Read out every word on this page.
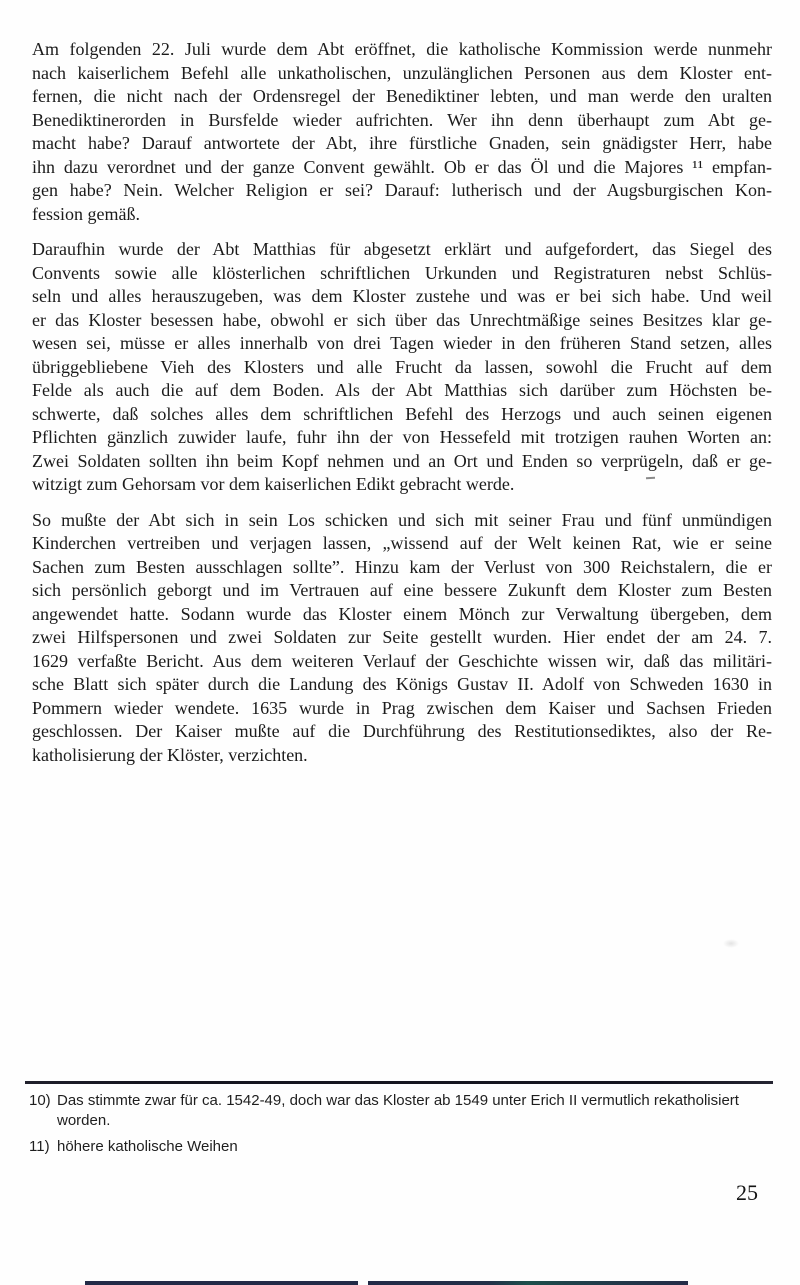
Am folgenden 22. Juli wurde dem Abt eröffnet, die katholische Kommission werde nunmehr
nach kaiserlichem Befehl alle unkatholischen, unzulänglichen Personen aus dem Kloster ent-
fernen, die nicht nach der Ordensregel der Benediktiner lebten, und man werde den uralten
Benediktinerorden in Bursfelde wieder aufrichten. Wer ihn denn überhaupt zum Abt ge-
macht habe? Darauf antwortete der Abt, ihre fürstliche Gnaden, sein gnädigster Herr, habe
ihn dazu verordnet und der ganze Convent gewählt. Ob er das Öl und die Majores ¹¹ empfan-
gen habe? Nein. Welcher Religion er sei? Darauf: lutherisch und der Augsburgischen Kon-
fession gemäß.
Daraufhin wurde der Abt Matthias für abgesetzt erklärt und aufgefordert, das Siegel des
Convents sowie alle klösterlichen schriftlichen Urkunden und Registraturen nebst Schlüs-
seln und alles herauszugeben, was dem Kloster zustehe und was er bei sich habe. Und weil
er das Kloster besessen habe, obwohl er sich über das Unrechtmäßige seines Besitzes klar ge-
wesen sei, müsse er alles innerhalb von drei Tagen wieder in den früheren Stand setzen, alles
übriggebliebene Vieh des Klosters und alle Frucht da lassen, sowohl die Frucht auf dem
Felde als auch die auf dem Boden. Als der Abt Matthias sich darüber zum Höchsten be-
schwerte, daß solches alles dem schriftlichen Befehl des Herzogs und auch seinen eigenen
Pflichten gänzlich zuwider laufe, fuhr ihn der von Hessefeld mit trotzigen rauhen Worten an:
Zwei Soldaten sollten ihn beim Kopf nehmen und an Ort und Enden so verprügeln, daß er ge-
witzigt zum Gehorsam vor dem kaiserlichen Edikt gebracht werde.
So mußte der Abt sich in sein Los schicken und sich mit seiner Frau und fünf unmündigen
Kinderchen vertreiben und verjagen lassen, „wissend auf der Welt keinen Rat, wie er seine
Sachen zum Besten ausschlagen sollte”. Hinzu kam der Verlust von 300 Reichstalern, die er
sich persönlich geborgt und im Vertrauen auf eine bessere Zukunft dem Kloster zum Besten
angewendet hatte. Sodann wurde das Kloster einem Mönch zur Verwaltung übergeben, dem
zwei Hilfspersonen und zwei Soldaten zur Seite gestellt wurden. Hier endet der am 24. 7.
1629 verfaßte Bericht. Aus dem weiteren Verlauf der Geschichte wissen wir, daß das militäri-
sche Blatt sich später durch die Landung des Königs Gustav II. Adolf von Schweden 1630 in
Pommern wieder wendete. 1635 wurde in Prag zwischen dem Kaiser und Sachsen Frieden
geschlossen. Der Kaiser mußte auf die Durchführung des Restitutionsediktes, also der Re-
katholisierung der Klöster, verzichten.
10) Das stimmte zwar für ca. 1542-49, doch war das Kloster ab 1549 unter Erich II vermutlich rekatholisiert
worden.
11) höhere katholische Weihen
25
